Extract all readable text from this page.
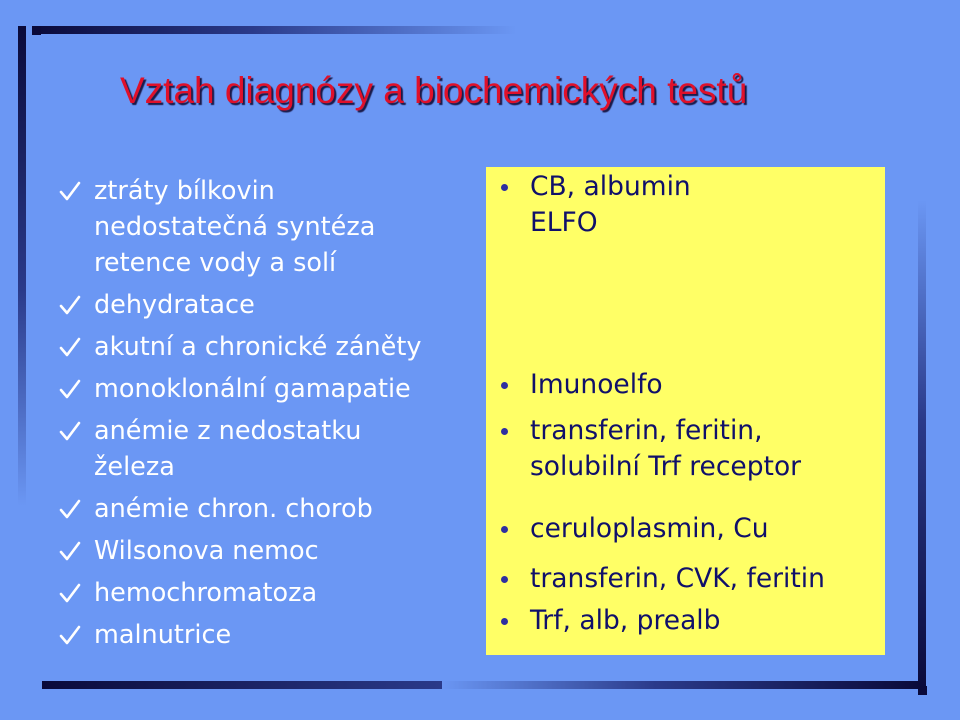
Vztah diagnózy a biochemických testů
ztráty bílkovin
nedostatečná syntéza
retence vody a solí
dehydratace
akutní a chronické záněty
monoklonální gamapatie
anémie z nedostatku
železa
anémie chron. chorob
Wilsonova nemoc
hemochromatoza
malnutrice
CB, albumin
ELFO
Imunoelfo
transferin, feritin,
solubilní Trf receptor
ceruloplasmin, Cu
transferin, CVK, feritin
Trf, alb, prealb
